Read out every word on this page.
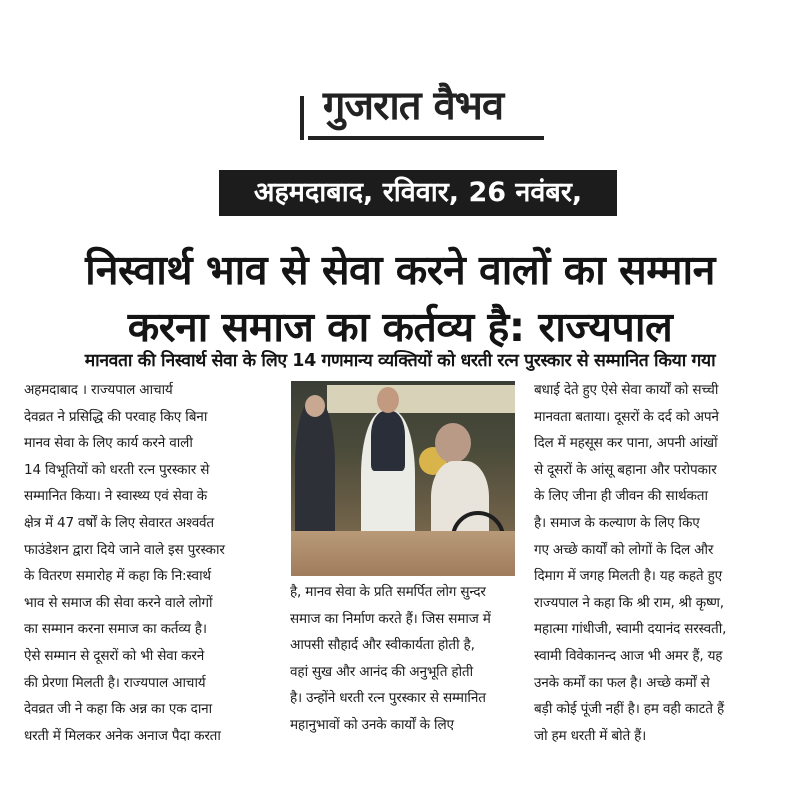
गुजरात वैभव
अहमदाबाद, रविवार, 26 नवंबर, 2023
निस्वार्थ भाव से सेवा करने वालों का सम्मान
करना समाज का कर्तव्य है: राज्यपाल
मानवता की निस्वार्थ सेवा के लिए 14 गणमान्य व्यक्तियों को धरती रत्न पुरस्कार से सम्मानित किया गया
अहमदाबाद । राज्यपाल आचार्य
देवव्रत ने प्रसिद्धि की परवाह किए बिना
मानव सेवा के लिए कार्य करने वाली
14 विभूतियों को धरती रत्न पुरस्कार से
सम्मानित किया। ने स्वास्थ्य एवं सेवा के
क्षेत्र में 47 वर्षों के लिए सेवारत अश्वर्वत
फाउंडेशन द्वारा दिये जाने वाले इस पुरस्कार
के वितरण समारोह में कहा कि नि:स्वार्थ
भाव से समाज की सेवा करने वाले लोगों
का सम्मान करना समाज का कर्तव्य है।
ऐसे सम्मान से दूसरों को भी सेवा करने
की प्रेरणा मिलती है। राज्यपाल आचार्य
देवव्रत जी ने कहा कि अन्न का एक दाना
धरती में मिलकर अनेक अनाज पैदा करता
है, मानव सेवा के प्रति समर्पित लोग सुन्दर
समाज का निर्माण करते हैं। जिस समाज में
आपसी सौहार्द और स्वीकार्यता होती है,
वहां सुख और आनंद की अनुभूति होती
है। उन्होंने धरती रत्न पुरस्कार से सम्मानित
महानुभावों को उनके कार्यों के लिए
बधाई देते हुए ऐसे सेवा कार्यों को सच्ची
मानवता बताया। दूसरों के दर्द को अपने
दिल में महसूस कर पाना, अपनी आंखों
से दूसरों के आंसू बहाना और परोपकार
के लिए जीना ही जीवन की सार्थकता
है। समाज के कल्याण के लिए किए
गए अच्छे कार्यों को लोगों के दिल और
दिमाग में जगह मिलती है। यह कहते हुए
राज्यपाल ने कहा कि श्री राम, श्री कृष्ण,
महात्मा गांधीजी, स्वामी दयानंद सरस्वती,
स्वामी विवेकानन्द आज भी अमर हैं, यह
उनके कर्मों का फल है। अच्छे कर्मों से
बड़ी कोई पूंजी नहीं है। हम वही काटते हैं
जो हम धरती में बोते हैं।
